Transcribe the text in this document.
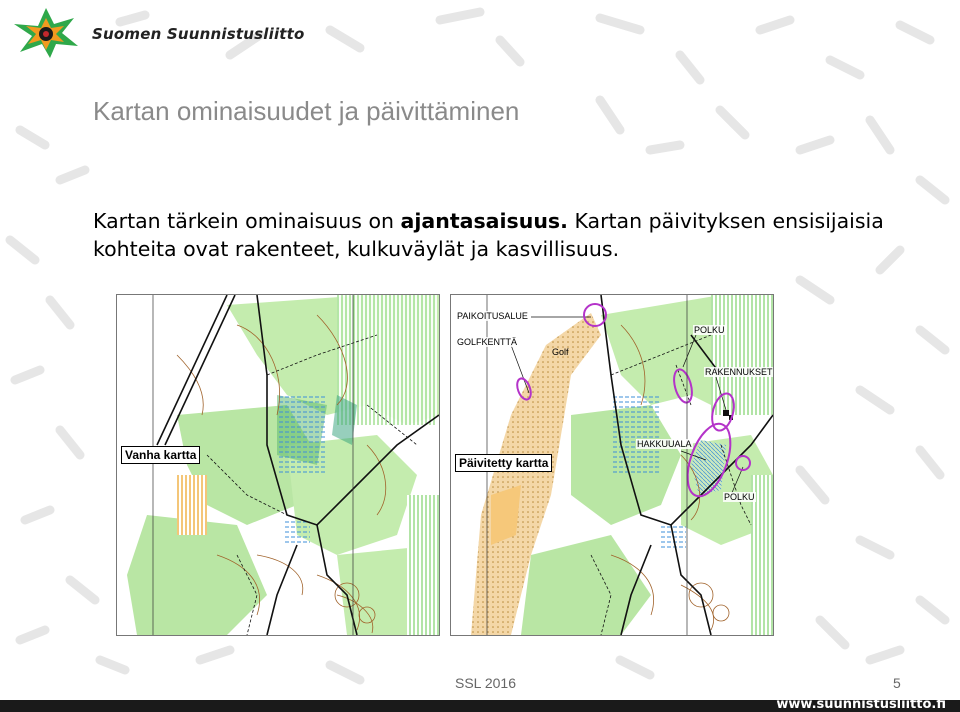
Suomen Suunnistusliitto
Kartan ominaisuudet ja päivittäminen
Kartan tärkein ominaisuus on ajantasaisuus. Kartan päivityksen ensisijaisia kohteita ovat rakenteet, kulkuväylät ja kasvillisuus.
Vanha kartta
PAIKOITUSALUE
GOLFKENTTÄ
Golf
POLKU
RAKENNUKSET
HAKKUUALA
POLKU
Päivitetty kartta
SSL 2016	5
www.suunnistusliitto.fi
